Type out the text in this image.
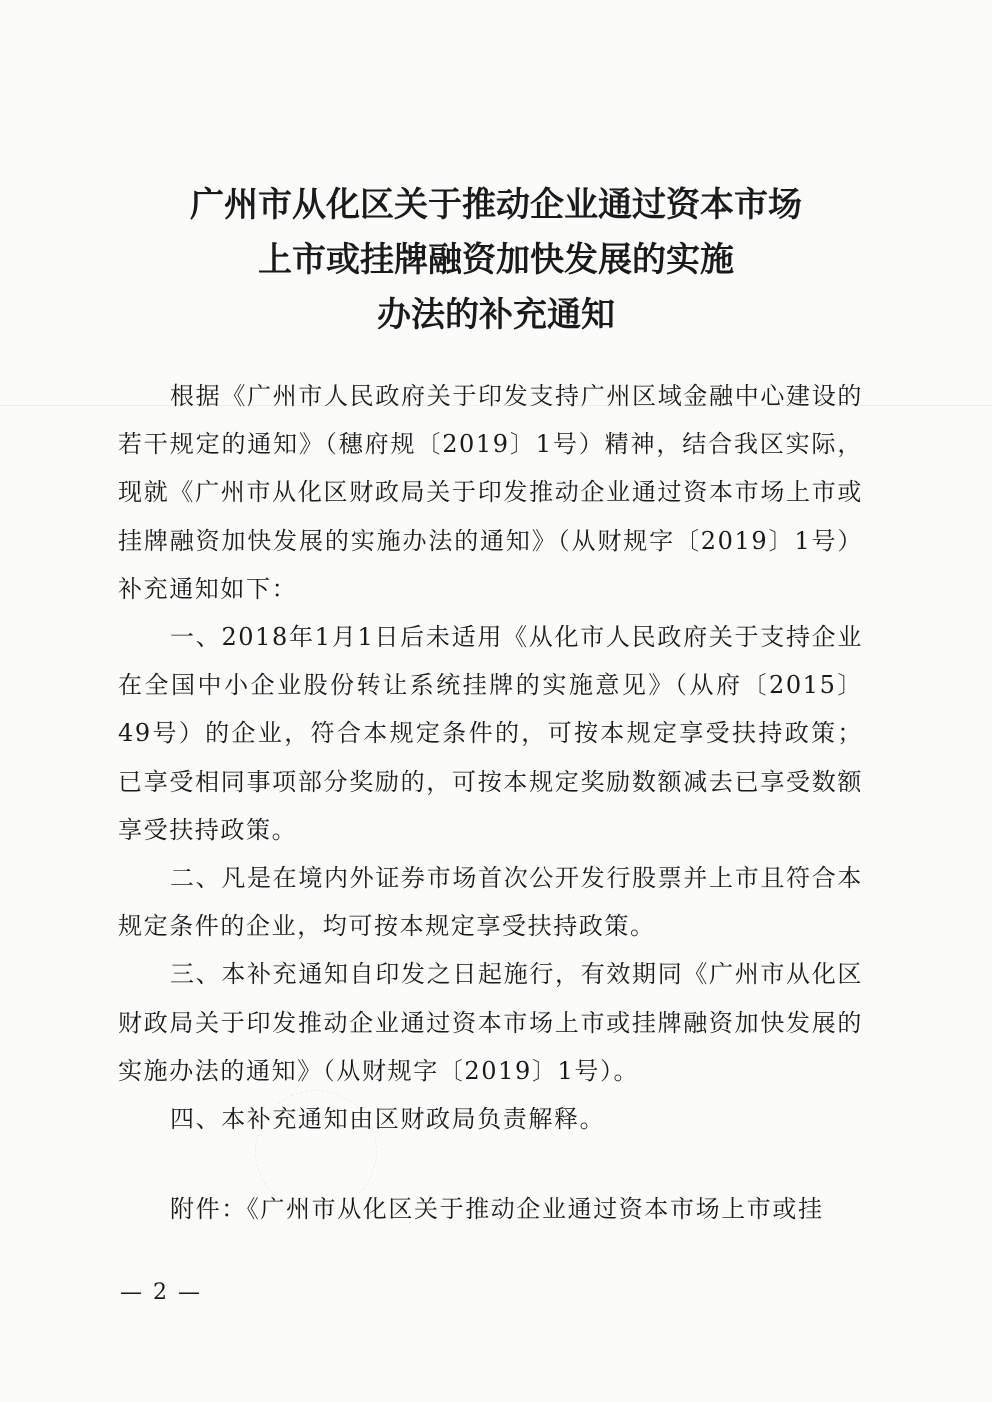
广州市从化区关于推动企业通过资本市场
上市或挂牌融资加快发展的实施
办法的补充通知

根据《广州市人民政府关于印发支持广州区域金融中心建设的若干规定的通知》（穗府规〔2019〕1号）精神，结合我区实际，现就《广州市从化区财政局关于印发推动企业通过资本市场上市或挂牌融资加快发展的实施办法的通知》（从财规字〔2019〕1号）补充通知如下：

一、2018年1月1日后未适用《从化市人民政府关于支持企业在全国中小企业股份转让系统挂牌的实施意见》（从府〔2015〕49号）的企业，符合本规定条件的，可按本规定享受扶持政策；已享受相同事项部分奖励的，可按本规定奖励数额减去已享受数额享受扶持政策。

二、凡是在境内外证券市场首次公开发行股票并上市且符合本规定条件的企业，均可按本规定享受扶持政策。

三、本补充通知自印发之日起施行，有效期同《广州市从化区财政局关于印发推动企业通过资本市场上市或挂牌融资加快发展的实施办法的通知》（从财规字〔2019〕1号）。

四、本补充通知由区财政局负责解释。

附件：《广州市从化区关于推动企业通过资本市场上市或挂

— 2 —
